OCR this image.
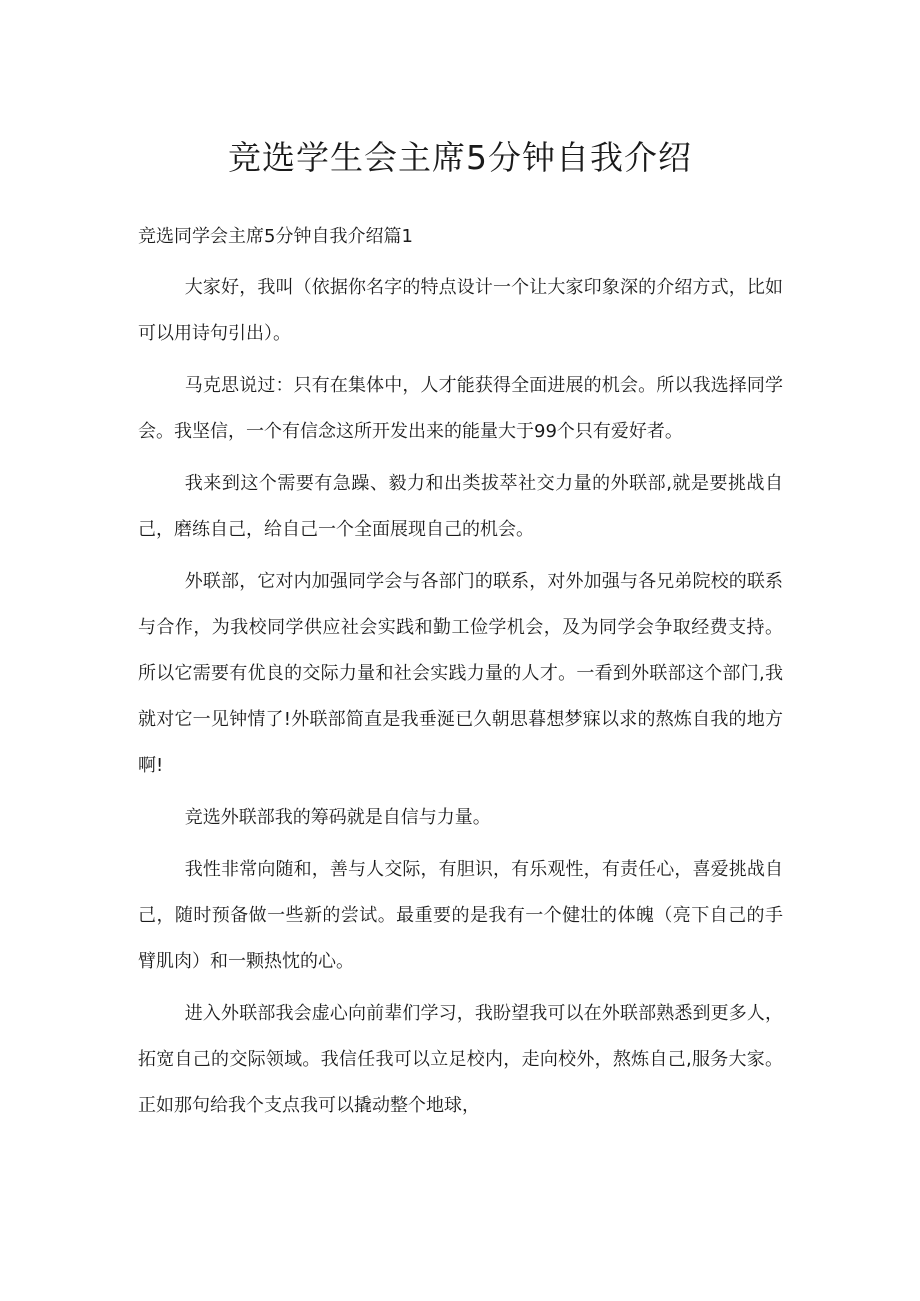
竞选学生会主席5分钟自我介绍

竞选同学会主席5分钟自我介绍篇1

大家好，我叫（依据你名字的特点设计一个让大家印象深的介绍方式，比如可以用诗句引出）。

马克思说过：只有在集体中，人才能获得全面进展的机会。所以我选择同学会。我坚信，一个有信念这所开发出来的能量大于99个只有爱好者。

我来到这个需要有急躁、毅力和出类拔萃社交力量的外联部,就是要挑战自己，磨练自己，给自己一个全面展现自己的机会。

外联部，它对内加强同学会与各部门的联系，对外加强与各兄弟院校的联系与合作，为我校同学供应社会实践和勤工俭学机会，及为同学会争取经费支持。所以它需要有优良的交际力量和社会实践力量的人才。一看到外联部这个部门,我就对它一见钟情了!外联部简直是我垂涎已久朝思暮想梦寐以求的熬炼自我的地方啊!

竞选外联部我的筹码就是自信与力量。

我性非常向随和，善与人交际，有胆识，有乐观性，有责任心，喜爱挑战自己，随时预备做一些新的尝试。最重要的是我有一个健壮的体魄（亮下自己的手臂肌肉）和一颗热忱的心。

进入外联部我会虚心向前辈们学习，我盼望我可以在外联部熟悉到更多人，拓宽自己的交际领域。我信任我可以立足校内，走向校外，熬炼自己,服务大家。正如那句给我个支点我可以撬动整个地球，
